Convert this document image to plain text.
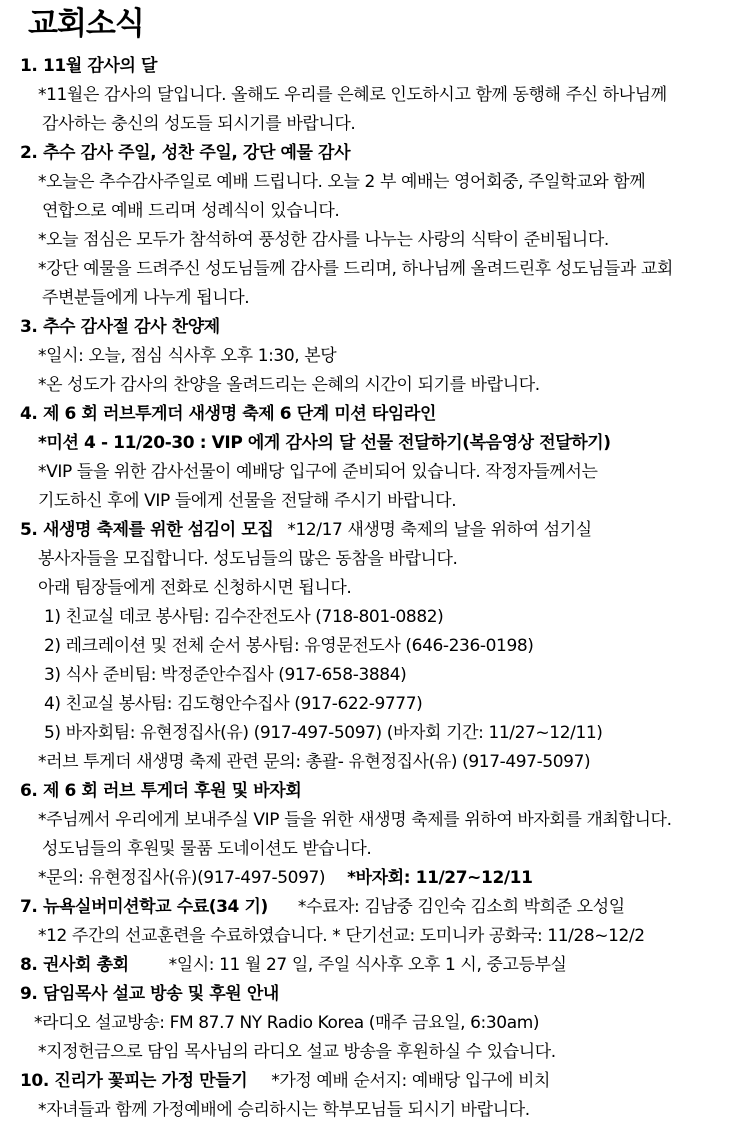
교회소식
1. 11월 감사의 달
*11월은 감사의 달입니다. 올해도 우리를 은혜로 인도하시고 함께 동행해 주신 하나님께
감사하는 충신의 성도들 되시기를 바랍니다.
2. 추수 감사 주일, 성찬 주일, 강단 예물 감사
*오늘은 추수감사주일로 예배 드립니다. 오늘 2 부 예배는 영어회중, 주일학교와 함께
연합으로 예배 드리며 성례식이 있습니다.
*오늘 점심은 모두가 참석하여 풍성한 감사를 나누는 사랑의 식탁이 준비됩니다.
*강단 예물을 드려주신 성도님들께 감사를 드리며, 하나님께 올려드린후 성도님들과 교회
주변분들에게 나누게 됩니다.
3. 추수 감사절 감사 찬양제
*일시: 오늘, 점심 식사후 오후 1:30, 본당
*온 성도가 감사의 찬양을 올려드리는 은혜의 시간이 되기를 바랍니다.
4. 제 6 회 러브투게더 새생명 축제 6 단계 미션 타임라인
*미션 4 - 11/20-30 : VIP 에게 감사의 달 선물 전달하기(복음영상 전달하기)
*VIP 들을 위한 감사선물이 예배당 입구에 준비되어 있습니다. 작정자들께서는
기도하신 후에 VIP 들에게 선물을 전달해 주시기 바랍니다.
5. 새생명 축제를 위한 섬김이 모집 *12/17 새생명 축제의 날을 위하여 섬기실
봉사자들을 모집합니다. 성도님들의 많은 동참을 바랍니다.
아래 팀장들에게 전화로 신청하시면 됩니다.
1) 친교실 데코 봉사팀: 김수잔전도사 (718-801-0882)
2) 레크레이션 및 전체 순서 봉사팀: 유영문전도사 (646-236-0198)
3) 식사 준비팀: 박정준안수집사 (917-658-3884)
4) 친교실 봉사팀: 김도형안수집사 (917-622-9777)
5) 바자회팀: 유현정집사(유) (917-497-5097) (바자회 기간: 11/27~12/11)
*러브 투게더 새생명 축제 관련 문의: 총괄- 유현정집사(유) (917-497-5097)
6. 제 6 회 러브 투게더 후원 및 바자회
*주님께서 우리에게 보내주실 VIP 들을 위한 새생명 축제를 위하여 바자회를 개최합니다.
성도님들의 후원및 물품 도네이션도 받습니다.
*문의: 유현정집사(유)(917-497-5097) *바자회: 11/27~12/11
7. 뉴욕실버미션학교 수료(34 기) *수료자: 김남중 김인숙 김소희 박희준 오성일
*12 주간의 선교훈련을 수료하였습니다. * 단기선교: 도미니카 공화국: 11/28~12/2
8. 권사회 총회 *일시: 11 월 27 일, 주일 식사후 오후 1 시, 중고등부실
9. 담임목사 설교 방송 및 후원 안내
*라디오 설교방송: FM 87.7 NY Radio Korea (매주 금요일, 6:30am)
*지정헌금으로 담임 목사님의 라디오 설교 방송을 후원하실 수 있습니다.
10. 진리가 꽃피는 가정 만들기 *가정 예배 순서지: 예배당 입구에 비치
*자녀들과 함께 가정예배에 승리하시는 학부모님들 되시기 바랍니다.
